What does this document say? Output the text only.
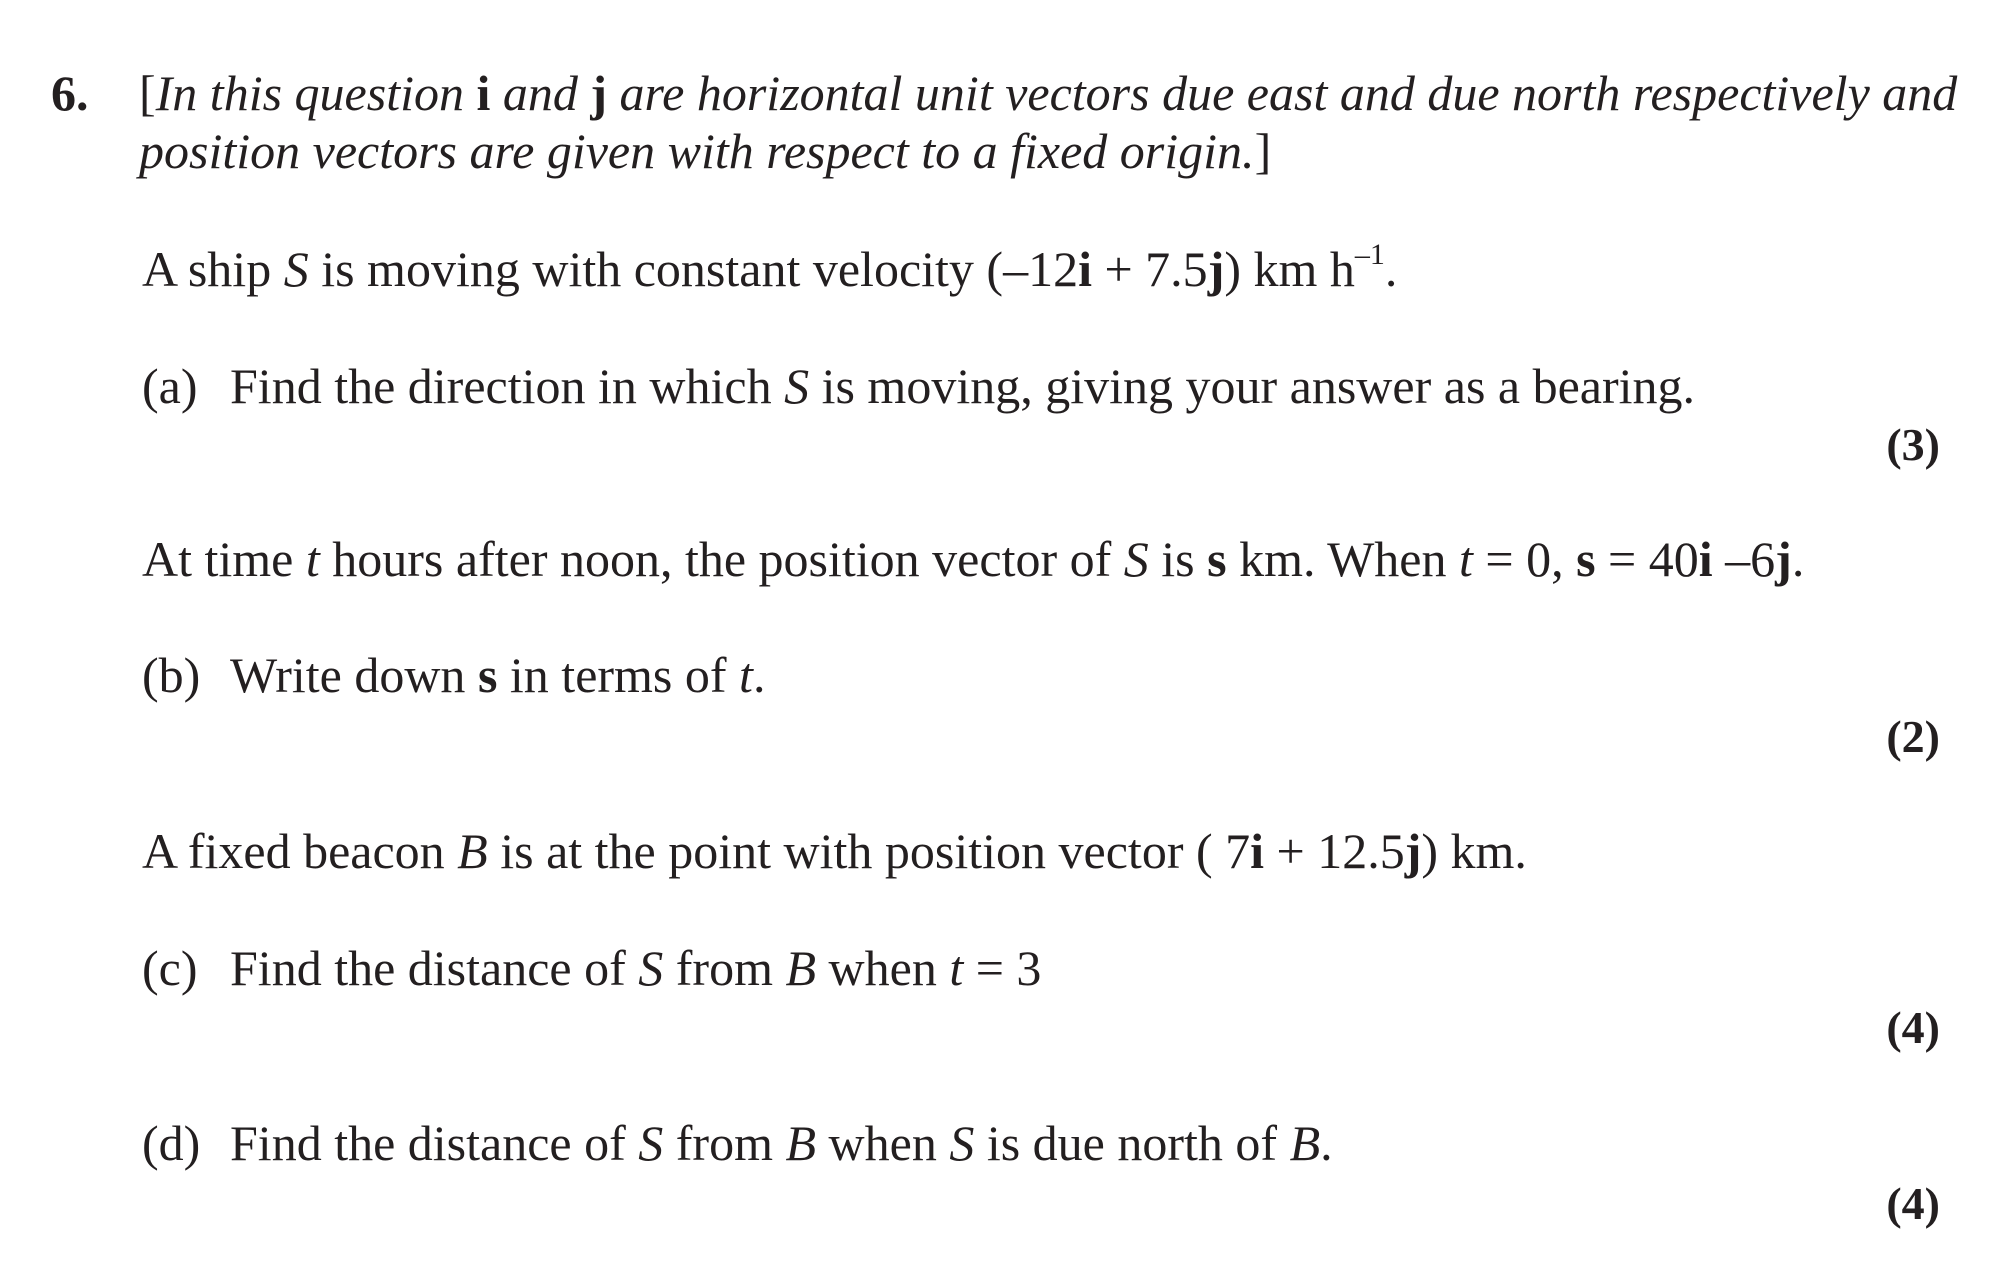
6. [In this question i and j are horizontal unit vectors due east and due north respectively and
position vectors are given with respect to a fixed origin.]
A ship S is moving with constant velocity (–12i + 7.5j) km $h^{-1}$.
(a) Find the direction in which S is moving, giving your answer as a bearing.
(3)
At time t hours after noon, the position vector of S is s km. When t = 0, s = 40i –6j.
(b) Write down s in terms of t.
(2)
A fixed beacon B is at the point with position vector ( 7i + 12.5j) km.
(c) Find the distance of S from B when t = 3
(4)
(d) Find the distance of S from B when S is due north of B.
(4)
